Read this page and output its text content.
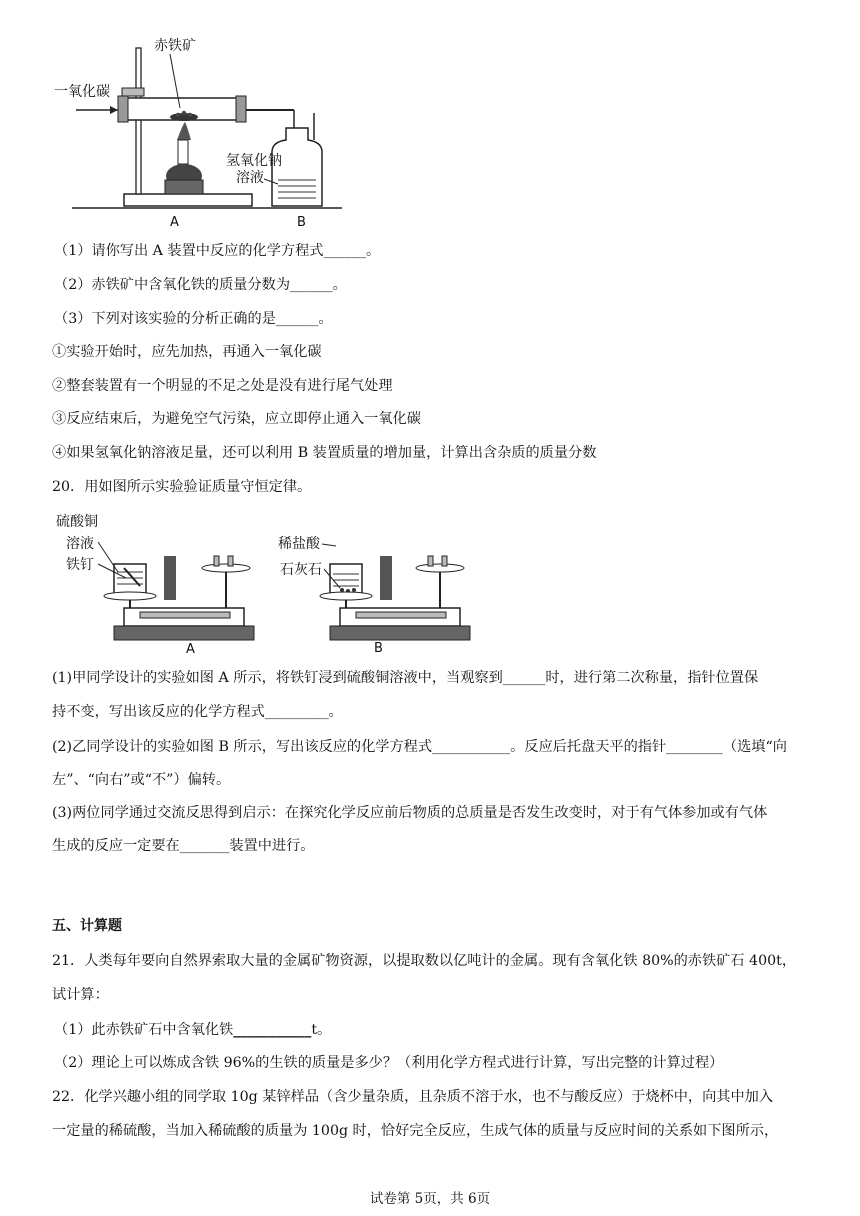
一氧化碳
赤铁矿
氢氧化钠
溶液
A	B
（1）请你写出 A 装置中反应的化学方程式______。
（2）赤铁矿中含氧化铁的质量分数为______。
（3）下列对该实验的分析正确的是______。
①实验开始时，应先加热，再通入一氧化碳
②整套装置有一个明显的不足之处是没有进行尾气处理
③反应结束后，为避免空气污染，应立即停止通入一氧化碳
④如果氢氧化钠溶液足量，还可以利用 B 装置质量的增加量，计算出含杂质的质量分数
20．用如图所示实验验证质量守恒定律。
硫酸铜
溶液
铁钉
A
稀盐酸
石灰石
B
(1)甲同学设计的实验如图 A 所示，将铁钉浸到硫酸铜溶液中，当观察到______时，进行第二次称量，指针位置保
持不变，写出该反应的化学方程式_________。
(2)乙同学设计的实验如图 B 所示，写出该反应的化学方程式___________。反应后托盘天平的指针________（选填“向
左”、“向右”或“不”）偏转。
(3)两位同学通过交流反思得到启示：在探究化学反应前后物质的总质量是否发生改变时，对于有气体参加或有气体
生成的反应一定要在_______装置中进行。
五、计算题
21．人类每年要向自然界索取大量的金属矿物资源，以提取数以亿吨计的金属。现有含氧化铁 80%的赤铁矿石 400t，
试计算：
（1）此赤铁矿石中含氧化铁___________t。
（2）理论上可以炼成含铁 96%的生铁的质量是多少？（利用化学方程式进行计算，写出完整的计算过程）
22．化学兴趣小组的同学取 10g 某锌样品（含少量杂质，且杂质不溶于水，也不与酸反应）于烧杯中，向其中加入
一定量的稀硫酸，当加入稀硫酸的质量为 100g 时，恰好完全反应，生成气体的质量与反应时间的关系如下图所示，
试卷第 5页，共 6页
